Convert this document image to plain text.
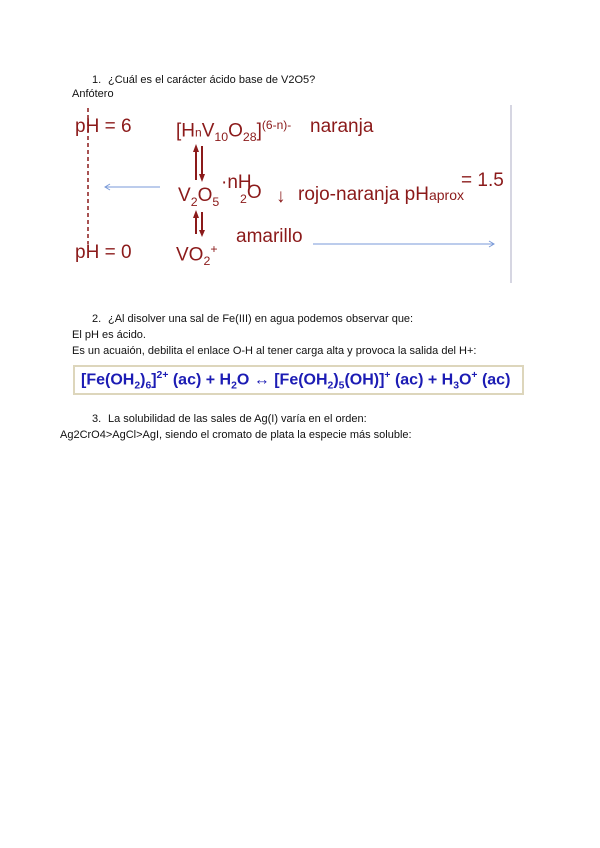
1. ¿Cuál es el carácter ácido base de V2O5?
Anfótero
pH = 6 $[HnV_{10}O_{28}]^{(6-n)-}$ naranja
$V_2O_5$
·nH
$_2$O ↓ rojo-naranja pHaprox
= 1.5
pH = 0 $VO_2^+$
amarillo
2. ¿Al disolver una sal de Fe(III) en agua podemos observar que:
El pH es ácido.
Es un acuaión, debilita el enlace O-H al tener carga alta y provoca la salida del H+:
$[Fe(OH_2)_6]^{2+}$ $(ac) + H_2O$ ↔ $[Fe(OH_2)_5(OH)]^+$ $(ac) + H_3O^+$ (ac)
3. La solubilidad de las sales de Ag(I) varía en el orden:
Ag2CrO4>AgCl>AgI, siendo el cromato de plata la especie más soluble:
